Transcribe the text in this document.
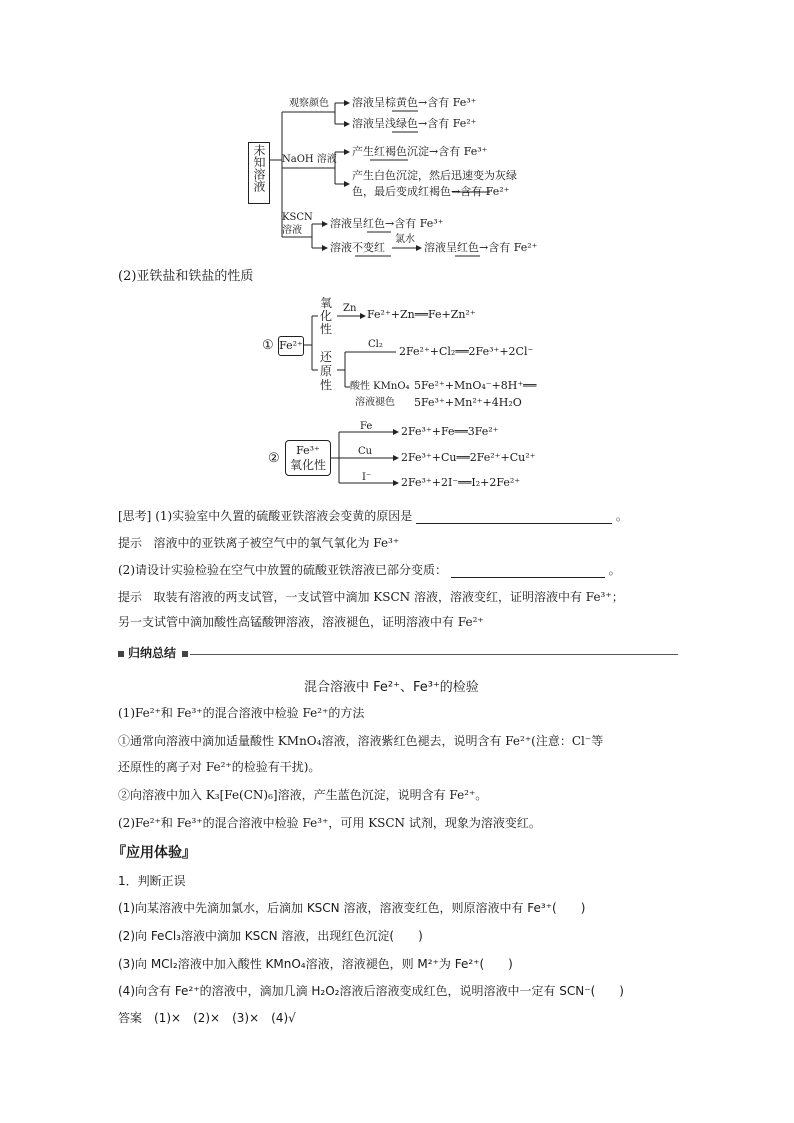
未知溶液
观察颜色 溶液呈棕黄色→含有 Fe³⁺
溶液呈浅绿色→含有 Fe²⁺
NaOH 溶液
产生红褐色沉淀→含有 Fe³⁺
产生白色沉淀，然后迅速变为灰绿
色，最后变成红褐色→含有 Fe²⁺
KSCN
溶液
溶液呈红色→含有 Fe³⁺
溶液不变红
氯水
溶液呈红色→含有 Fe²⁺
(2)亚铁盐和铁盐的性质
① Fe²⁺
氧
化
性
Zn Fe²⁺+Zn══Fe+Zn²⁺
还
原
性
Cl₂
2Fe²⁺+Cl₂══2Fe³⁺+2Cl⁻
酸性 KMnO₄
溶液褪色
5Fe²⁺+MnO₄⁻+8H⁺══
5Fe³⁺+Mn²⁺+4H₂O
②
Fe³⁺
氧化性
Fe	2Fe³⁺+Fe══3Fe²⁺
Cu	2Fe³⁺+Cu══2Fe²⁺+Cu²⁺
I⁻	2Fe³⁺+2I⁻══I₂+2Fe²⁺
[思考] (1)实验室中久置的硫酸亚铁溶液会变黄的原因是	。
提示 溶液中的亚铁离子被空气中的氧气氧化为 Fe³⁺
(2)请设计实验检验在空气中放置的硫酸亚铁溶液已部分变质：	。
提示 取装有溶液的两支试管，一支试管中滴加 KSCN 溶液，溶液变红，证明溶液中有 Fe³⁺；
另一支试管中滴加酸性高锰酸钾溶液，溶液褪色，证明溶液中有 Fe²⁺
归纳总结
混合溶液中 Fe²⁺、Fe³⁺的检验
(1)Fe²⁺和 Fe³⁺的混合溶液中检验 Fe²⁺的方法
①通常向溶液中滴加适量酸性 KMnO₄溶液，溶液紫红色褪去，说明含有 Fe²⁺(注意：Cl⁻等
还原性的离子对 Fe²⁺的检验有干扰)。
②向溶液中加入 K₃[Fe(CN)₆]溶液，产生蓝色沉淀，说明含有 Fe²⁺。
(2)Fe²⁺和 Fe³⁺的混合溶液中检验 Fe³⁺，可用 KSCN 试剂，现象为溶液变红。
『应用体验』
1．判断正误
(1)向某溶液中先滴加氯水，后滴加 KSCN 溶液，溶液变红色，则原溶液中有 Fe³⁺(　　)
(2)向 FeCl₃溶液中滴加 KSCN 溶液，出现红色沉淀(　　)
(3)向 MCl₂溶液中加入酸性 KMnO₄溶液，溶液褪色，则 M²⁺为 Fe²⁺(　　)
(4)向含有 Fe²⁺的溶液中，滴加几滴 H₂O₂溶液后溶液变成红色，说明溶液中一定有 SCN⁻(　　)
答案　(1)×　(2)×　(3)×　(4)√
